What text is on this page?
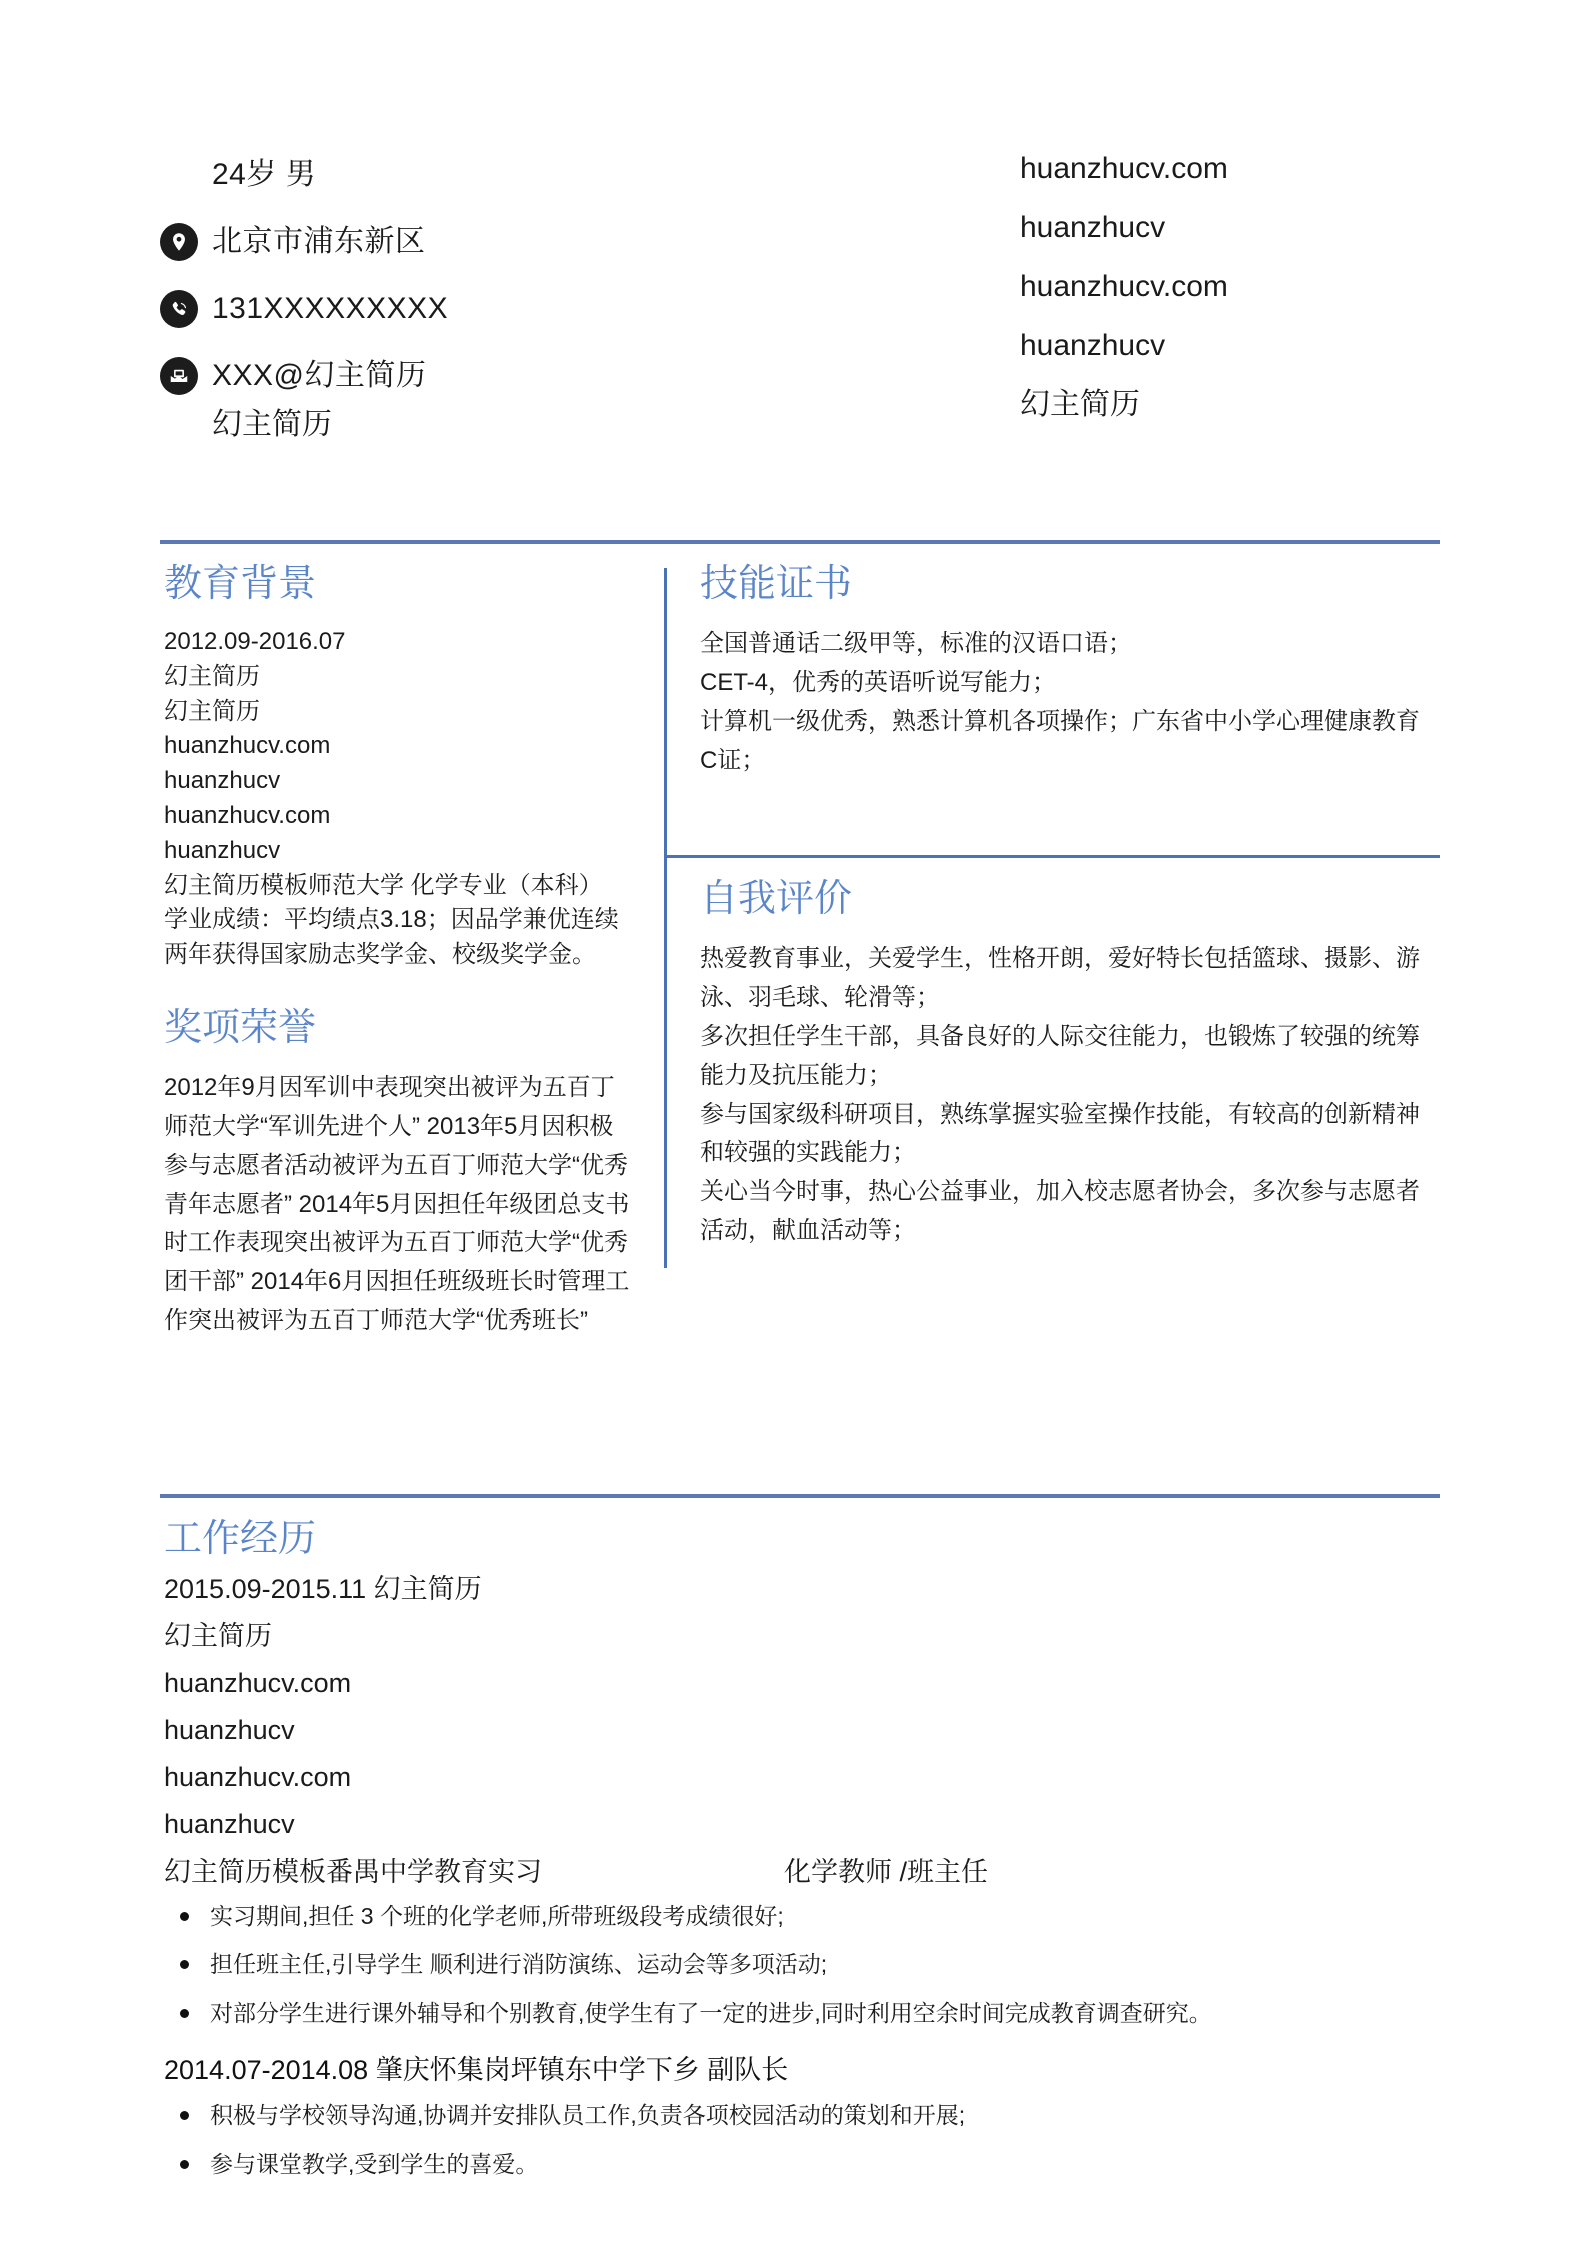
24岁 男
北京市浦东新区
131XXXXXXXXX
XXX@幻主简历
幻主简历
huanzhucv.com
huanzhucv
huanzhucv.com
huanzhucv
幻主简历
教育背景
2012.09-2016.07
幻主简历
幻主简历
huanzhucv.com
huanzhucv
huanzhucv.com
huanzhucv
幻主简历模板师范大学 化学专业（本科）
学业成绩：平均绩点3.18；因品学兼优连续两年获得国家励志奖学金、校级奖学金。
奖项荣誉
2012年9月因军训中表现突出被评为五百丁师范大学“军训先进个人” 2013年5月因积极参与志愿者活动被评为五百丁师范大学“优秀青年志愿者” 2014年5月因担任年级团总支书时工作表现突出被评为五百丁师范大学“优秀团干部” 2014年6月因担任班级班长时管理工作突出被评为五百丁师范大学“优秀班长”
技能证书
全国普通话二级甲等，标准的汉语口语；
CET-4，优秀的英语听说写能力；
计算机一级优秀，熟悉计算机各项操作；广东省中小学心理健康教育C证；
自我评价
热爱教育事业，关爱学生，性格开朗，爱好特长包括篮球、摄影、游泳、羽毛球、轮滑等；
多次担任学生干部，具备良好的人际交往能力，也锻炼了较强的统筹能力及抗压能力；
参与国家级科研项目，熟练掌握实验室操作技能，有较高的创新精神和较强的实践能力；
关心当今时事，热心公益事业，加入校志愿者协会，多次参与志愿者活动，献血活动等；
工作经历
2015.09-2015.11 幻主简历
幻主简历
huanzhucv.com
huanzhucv
huanzhucv.com
huanzhucv
幻主简历模板番禺中学教育实习	化学教师 /班主任
实习期间,担任 3 个班的化学老师,所带班级段考成绩很好;
担任班主任,引导学生 顺利进行消防演练、运动会等多项活动;
对部分学生进行课外辅导和个别教育,使学生有了一定的进步,同时利用空余时间完成教育调查研究。
2014.07-2014.08 肇庆怀集岗坪镇东中学下乡 副队长
积极与学校领导沟通,协调并安排队员工作,负责各项校园活动的策划和开展;
参与课堂教学,受到学生的喜爱。
